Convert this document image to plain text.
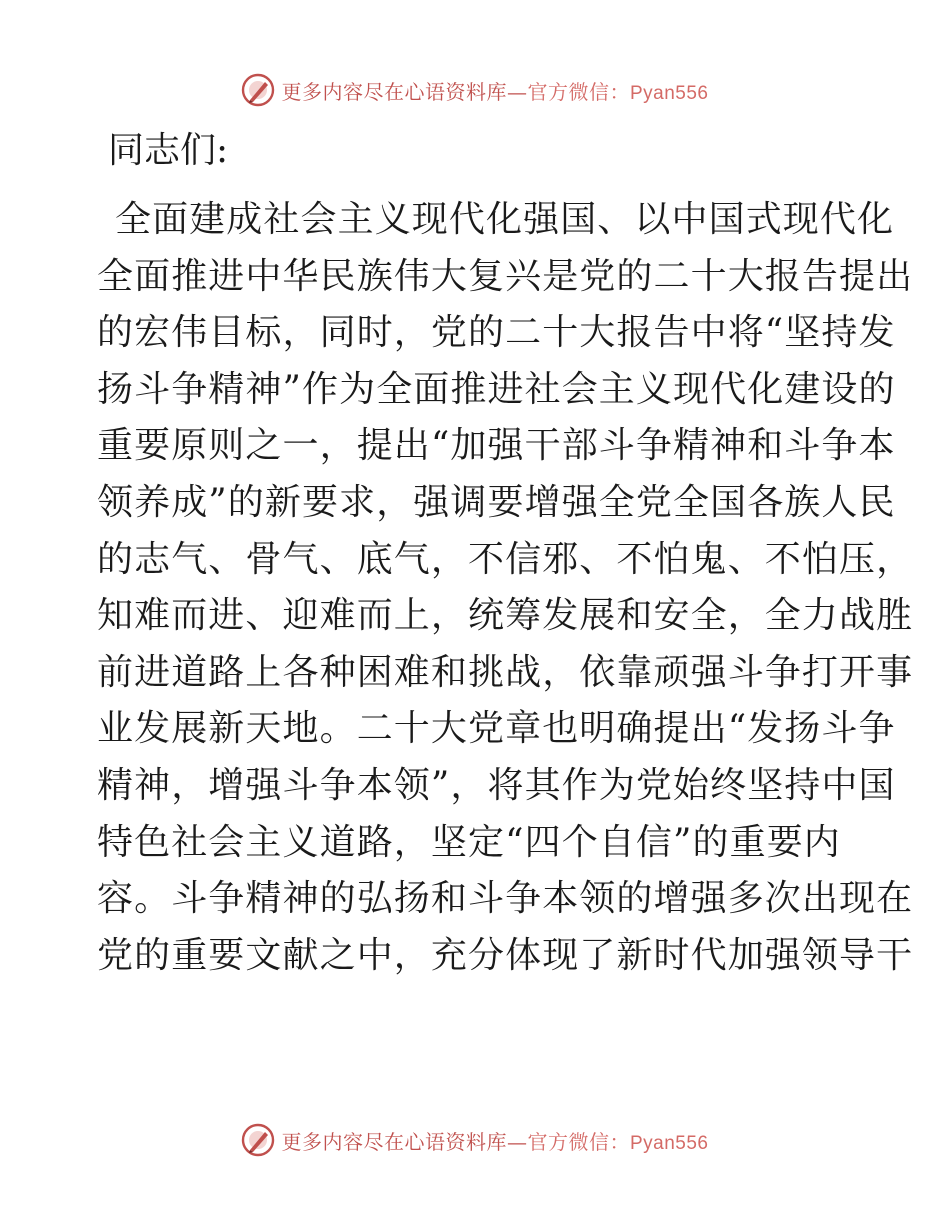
更多内容尽在心语资料库—官方微信：Pyan556

同志们:

全面建成社会主义现代化强国、以中国式现代化
全面推进中华民族伟大复兴是党的二十大报告提出
的宏伟目标，同时，党的二十大报告中将“坚持发
扬斗争精神”作为全面推进社会主义现代化建设的
重要原则之一，提出“加强干部斗争精神和斗争本
领养成”的新要求，强调要增强全党全国各族人民
的志气、骨气、底气，不信邪、不怕鬼、不怕压，
知难而进、迎难而上，统筹发展和安全，全力战胜
前进道路上各种困难和挑战，依靠顽强斗争打开事
业发展新天地。二十大党章也明确提出“发扬斗争
精神，增强斗争本领”，将其作为党始终坚持中国
特色社会主义道路，坚定“四个自信”的重要内
容。斗争精神的弘扬和斗争本领的增强多次出现在
党的重要文献之中，充分体现了新时代加强领导干
更多内容尽在心语资料库—官方微信：Pyan556
